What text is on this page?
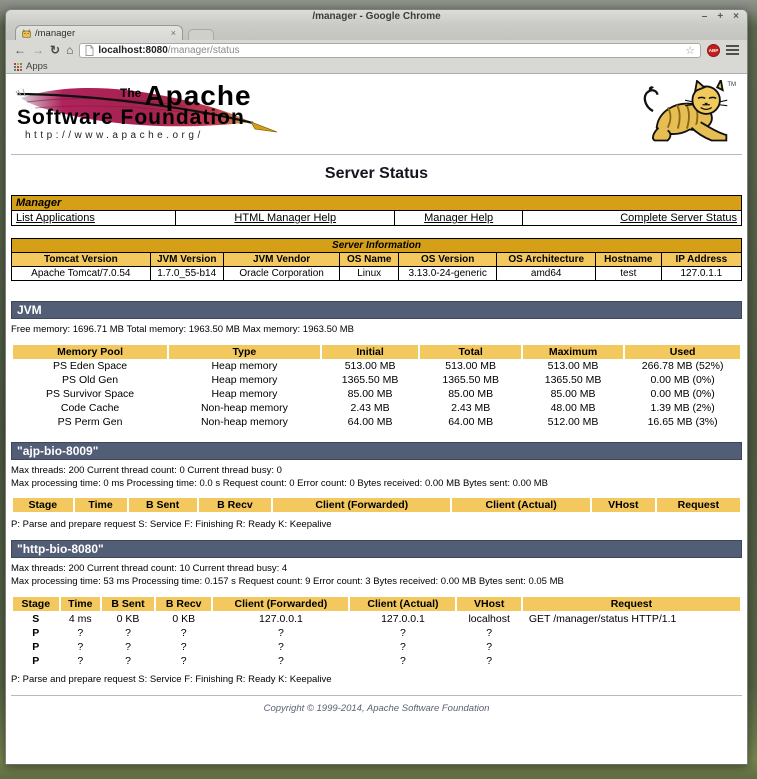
/manager - Google Chrome	– + ×
/manager	×
← → ↻ ⌂	localhost:8080/manager/status	☆	ABP
Apps
The Apache
Software Foundation
http://www.apache.org/
TM
Server Status
Manager
List Applications	HTML Manager Help	Manager Help	Complete Server Status
Server Information							
Tomcat Version	JVM Version	JVM Vendor	OS Name	OS Version	OS Architecture	Hostname	IP Address
Apache Tomcat/7.0.54	1.7.0_55-b14	Oracle Corporation	Linux	3.13.0-24-generic	amd64	test	127.0.1.1
JVM

Free memory: 1696.71 MB Total memory: 1963.50 MB Max memory: 1963.50 MB

Memory Pool	Type	Initial	Total	Maximum	Used
PS Eden Space	Heap memory	513.00 MB	513.00 MB	513.00 MB	266.78 MB (52%)
PS Old Gen	Heap memory	1365.50 MB	1365.50 MB	1365.50 MB	0.00 MB (0%)
PS Survivor Space	Heap memory	85.00 MB	85.00 MB	85.00 MB	0.00 MB (0%)
Code Cache	Non-heap memory	2.43 MB	2.43 MB	48.00 MB	1.39 MB (2%)
PS Perm Gen	Non-heap memory	64.00 MB	64.00 MB	512.00 MB	16.65 MB (3%)
"ajp-bio-8009"

Max threads: 200 Current thread count: 0 Current thread busy: 0
Max processing time: 0 ms Processing time: 0.0 s Request count: 0 Error count: 0 Bytes received: 0.00 MB Bytes sent: 0.00 MB

Stage	Time	B Sent	B Recv	Client (Forwarded)	Client (Actual)	VHost	Request

P: Parse and prepare request S: Service F: Finishing R: Ready K: Keepalive

"http-bio-8080"

Max threads: 200 Current thread count: 10 Current thread busy: 4
Max processing time: 53 ms Processing time: 0.157 s Request count: 9 Error count: 3 Bytes received: 0.00 MB Bytes sent: 0.05 MB

Stage	Time	B Sent	B Recv	Client (Forwarded)	Client (Actual)	VHost	Request
S	4 ms	0 KB	0 KB	127.0.0.1	127.0.0.1	localhost	GET /manager/status HTTP/1.1
P	?	?	?	?	?	?	
P	?	?	?	?	?	?	
P	?	?	?	?	?	?	

P: Parse and prepare request S: Service F: Finishing R: Ready K: Keepalive

Copyright © 1999-2014, Apache Software Foundation
